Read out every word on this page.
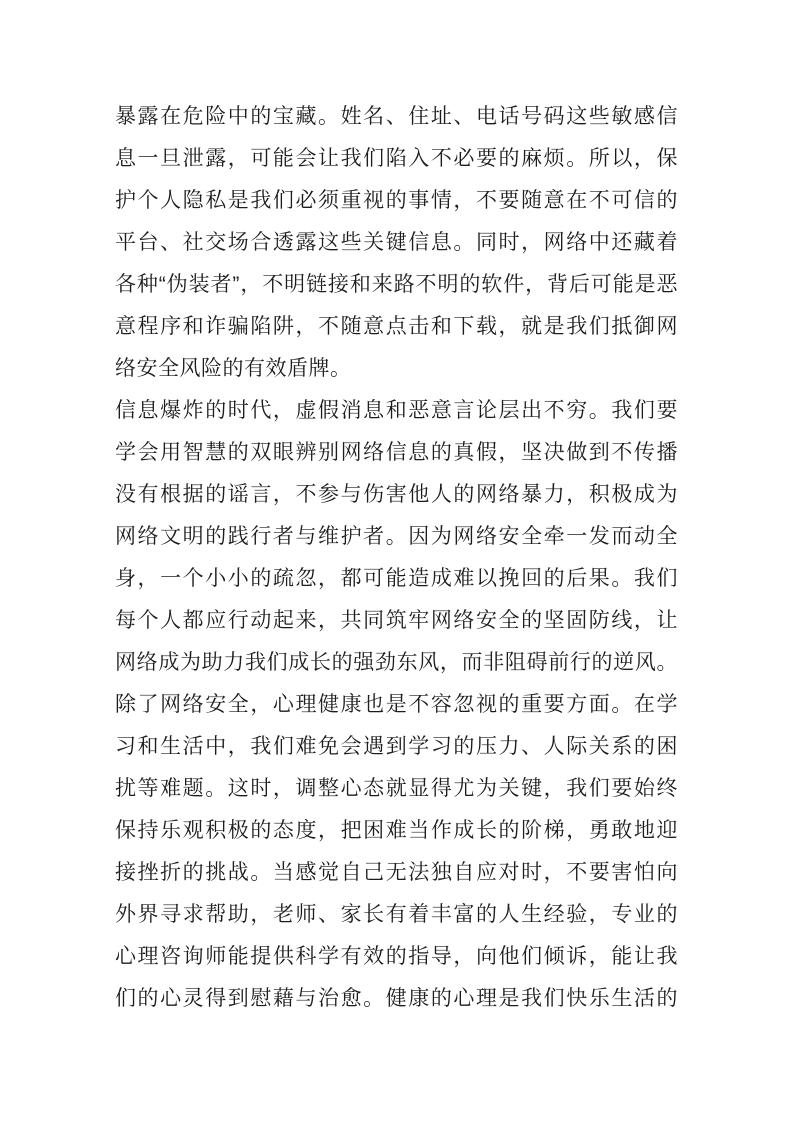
暴露在危险中的宝藏。姓名、住址、电话号码这些敏感信
息一旦泄露，可能会让我们陷入不必要的麻烦。所以，保
护个人隐私是我们必须重视的事情，不要随意在不可信的
平台、社交场合透露这些关键信息。同时，网络中还藏着
各种“伪装者”，不明链接和来路不明的软件，背后可能是恶
意程序和诈骗陷阱，不随意点击和下载，就是我们抵御网
络安全风险的有效盾牌。
信息爆炸的时代，虚假消息和恶意言论层出不穷。我们要
学会用智慧的双眼辨别网络信息的真假，坚决做到不传播
没有根据的谣言，不参与伤害他人的网络暴力，积极成为
网络文明的践行者与维护者。因为网络安全牵一发而动全
身，一个小小的疏忽，都可能造成难以挽回的后果。我们
每个人都应行动起来，共同筑牢网络安全的坚固防线，让
网络成为助力我们成长的强劲东风，而非阻碍前行的逆风。
除了网络安全，心理健康也是不容忽视的重要方面。在学
习和生活中，我们难免会遇到学习的压力、人际关系的困
扰等难题。这时，调整心态就显得尤为关键，我们要始终
保持乐观积极的态度，把困难当作成长的阶梯，勇敢地迎
接挫折的挑战。当感觉自己无法独自应对时，不要害怕向
外界寻求帮助，老师、家长有着丰富的人生经验，专业的
心理咨询师能提供科学有效的指导，向他们倾诉，能让我
们的心灵得到慰藉与治愈。健康的心理是我们快乐生活的
